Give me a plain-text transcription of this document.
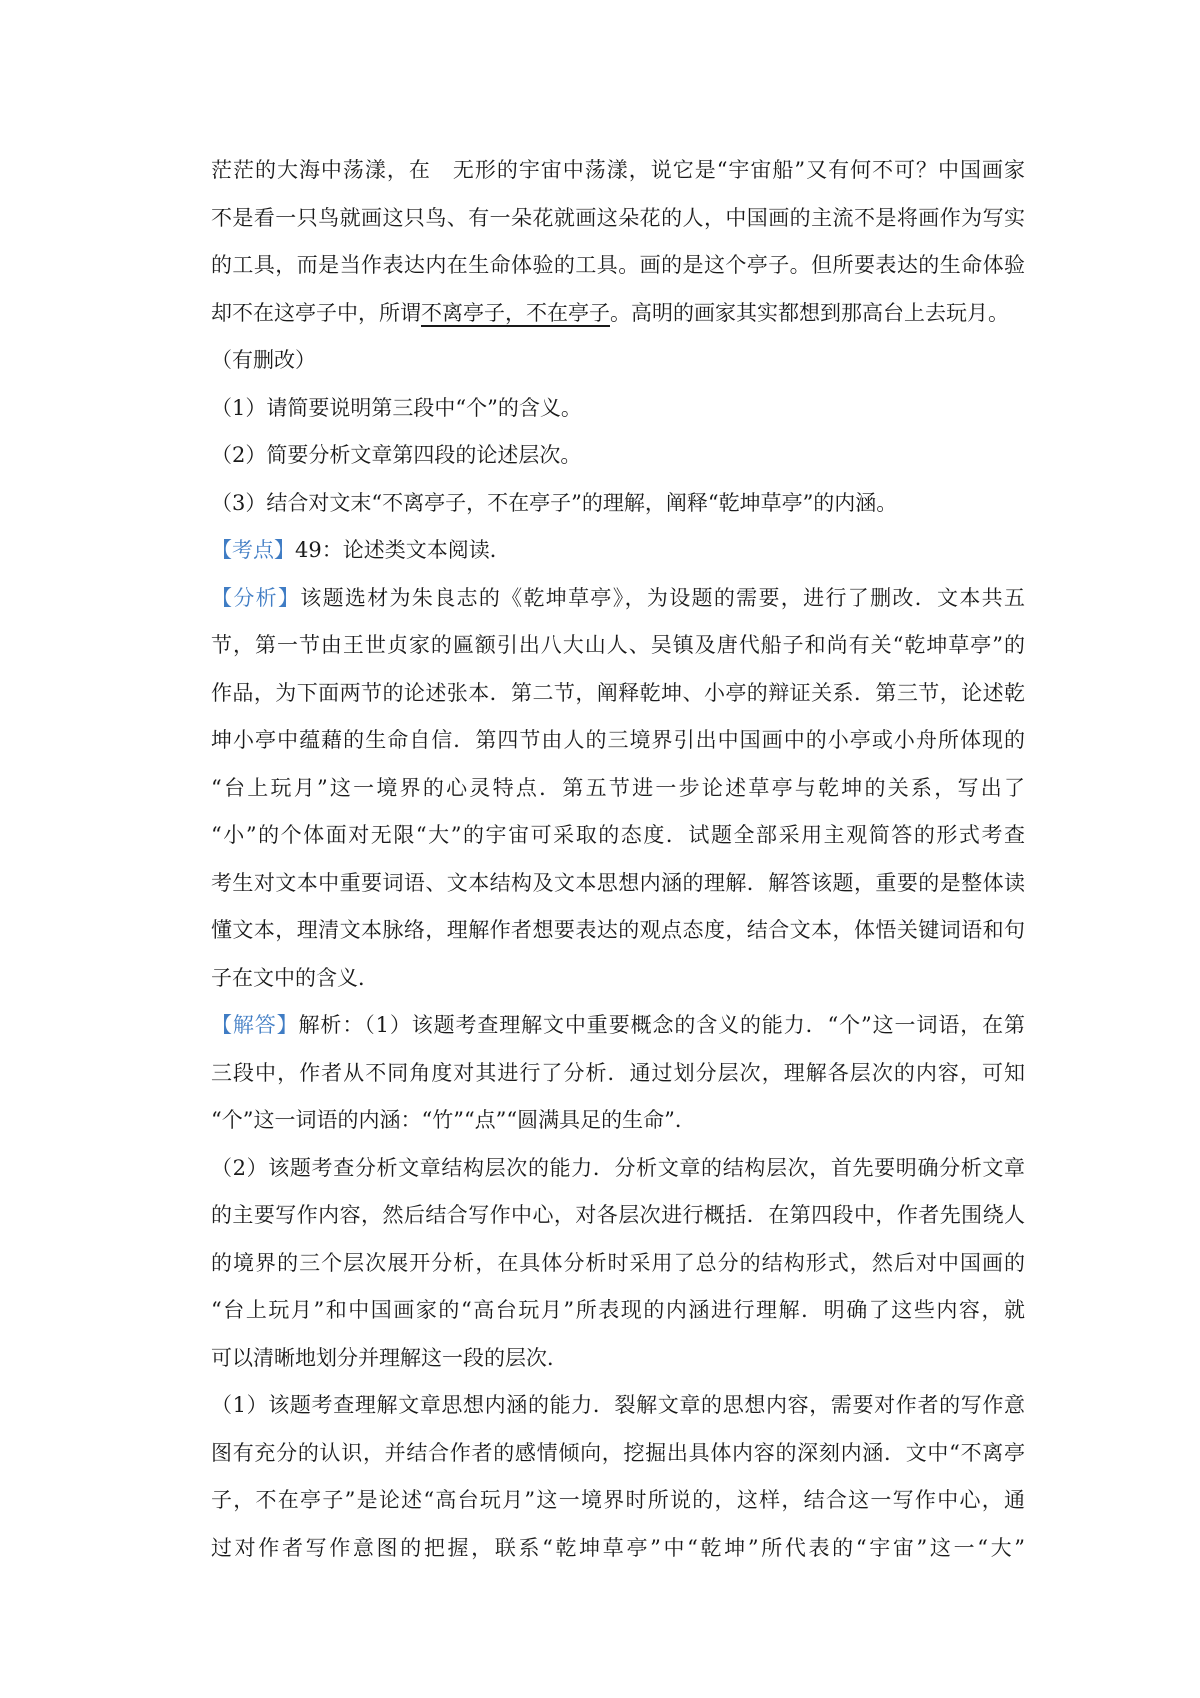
茫茫的大海中荡漾，在　无形的宇宙中荡漾，说它是“宇宙船”又有何不可？中国画家

不是看一只鸟就画这只鸟、有一朵花就画这朵花的人，中国画的主流不是将画作为写实

的工具，而是当作表达内在生命体验的工具。画的是这个亭子。但所要表达的生命体验

却不在这亭子中，所谓不离亭子，不在亭子。高明的画家其实都想到那高台上去玩月。

（有删改）

（1）请简要说明第三段中“个”的含义。

（2）简要分析文章第四段的论述层次。

（3）结合对文末“不离亭子，不在亭子”的理解，阐释“乾坤草亭”的内涵。

【考点】49：论述类文本阅读．

【分析】该题选材为朱良志的《乾坤草亭》，为设题的需要，进行了删改．文本共五

节，第一节由王世贞家的匾额引出八大山人、吴镇及唐代船子和尚有关“乾坤草亭”的

作品，为下面两节的论述张本．第二节，阐释乾坤、小亭的辩证关系．第三节，论述乾

坤小亭中蕴藉的生命自信．第四节由人的三境界引出中国画中的小亭或小舟所体现的

“台上玩月”这一境界的心灵特点．第五节进一步论述草亭与乾坤的关系，写出了

“小”的个体面对无限“大”的宇宙可采取的态度．试题全部采用主观简答的形式考查

考生对文本中重要词语、文本结构及文本思想内涵的理解．解答该题，重要的是整体读

懂文本，理清文本脉络，理解作者想要表达的观点态度，结合文本，体悟关键词语和句

子在文中的含义．

【解答】解析：（1）该题考查理解文中重要概念的含义的能力．“个”这一词语，在第

三段中，作者从不同角度对其进行了分析．通过划分层次，理解各层次的内容，可知

“个”这一词语的内涵：“竹”“点”“圆满具足的生命”．

（2）该题考查分析文章结构层次的能力．分析文章的结构层次，首先要明确分析文章

的主要写作内容，然后结合写作中心，对各层次进行概括．在第四段中，作者先围绕人

的境界的三个层次展开分析，在具体分析时采用了总分的结构形式，然后对中国画的

“台上玩月”和中国画家的“高台玩月”所表现的内涵进行理解．明确了这些内容，就

可以清晰地划分并理解这一段的层次．

（1）该题考查理解文章思想内涵的能力．裂解文章的思想内容，需要对作者的写作意

图有充分的认识，并结合作者的感情倾向，挖掘出具体内容的深刻内涵．文中“不离亭

子，不在亭子”是论述“高台玩月”这一境界时所说的，这样，结合这一写作中心，通

过对作者写作意图的把握，联系“乾坤草亭”中“乾坤”所代表的“宇宙”这一“大”
